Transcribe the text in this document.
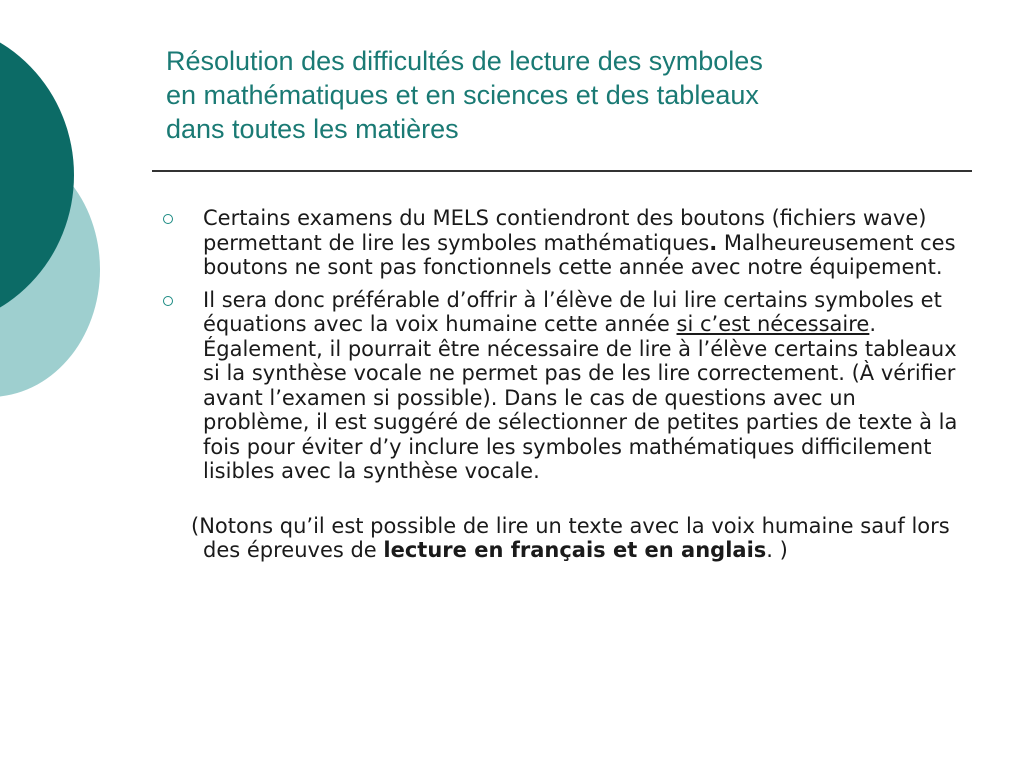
Résolution des difficultés de lecture des symboles
en mathématiques et en sciences et des tableaux
dans toutes les matières
Certains examens du MELS contiendront des boutons (fichiers wave) permettant de lire les symboles mathématiques. Malheureusement ces boutons ne sont pas fonctionnels cette année avec notre équipement.
Il sera donc préférable d’offrir à l’élève de lui lire certains symboles et équations avec la voix humaine cette année si c’est nécessaire. Également, il pourrait être nécessaire de lire à l’élève certains tableaux si la synthèse vocale ne permet pas de les lire correctement. (À vérifier avant l’examen si possible). Dans le cas de questions avec un problème, il est suggéré de sélectionner de petites parties de texte à la fois pour éviter d’y inclure les symboles mathématiques difficilement lisibles avec la synthèse vocale.
(Notons qu’il est possible de lire un texte avec la voix humaine sauf lors des épreuves de lecture en français et en anglais. )
